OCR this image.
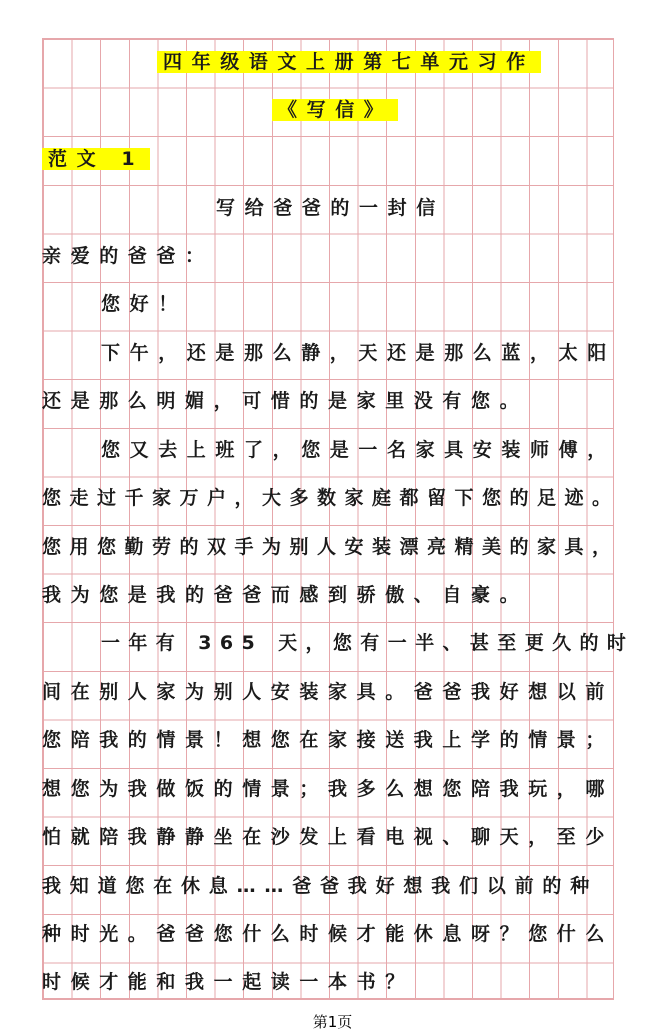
四年级语文上册第七单元习作
《写信》
范文 1
写给爸爸的一封信
亲爱的爸爸：
您好！
下午，还是那么静，天还是那么蓝，太阳
还是那么明媚，可惜的是家里没有您。
您又去上班了，您是一名家具安装师傅，
您走过千家万户，大多数家庭都留下您的足迹。
您用您勤劳的双手为别人安装漂亮精美的家具，
我为您是我的爸爸而感到骄傲、自豪。
一年有 365 天，您有一半、甚至更久的时
间在别人家为别人安装家具。爸爸我好想以前
您陪我的情景！想您在家接送我上学的情景；
想您为我做饭的情景；我多么想您陪我玩，哪
怕就陪我静静坐在沙发上看电视、聊天，至少
我知道您在休息……爸爸我好想我们以前的种
种时光。爸爸您什么时候才能休息呀？您什么
时候才能和我一起读一本书？
第1页
